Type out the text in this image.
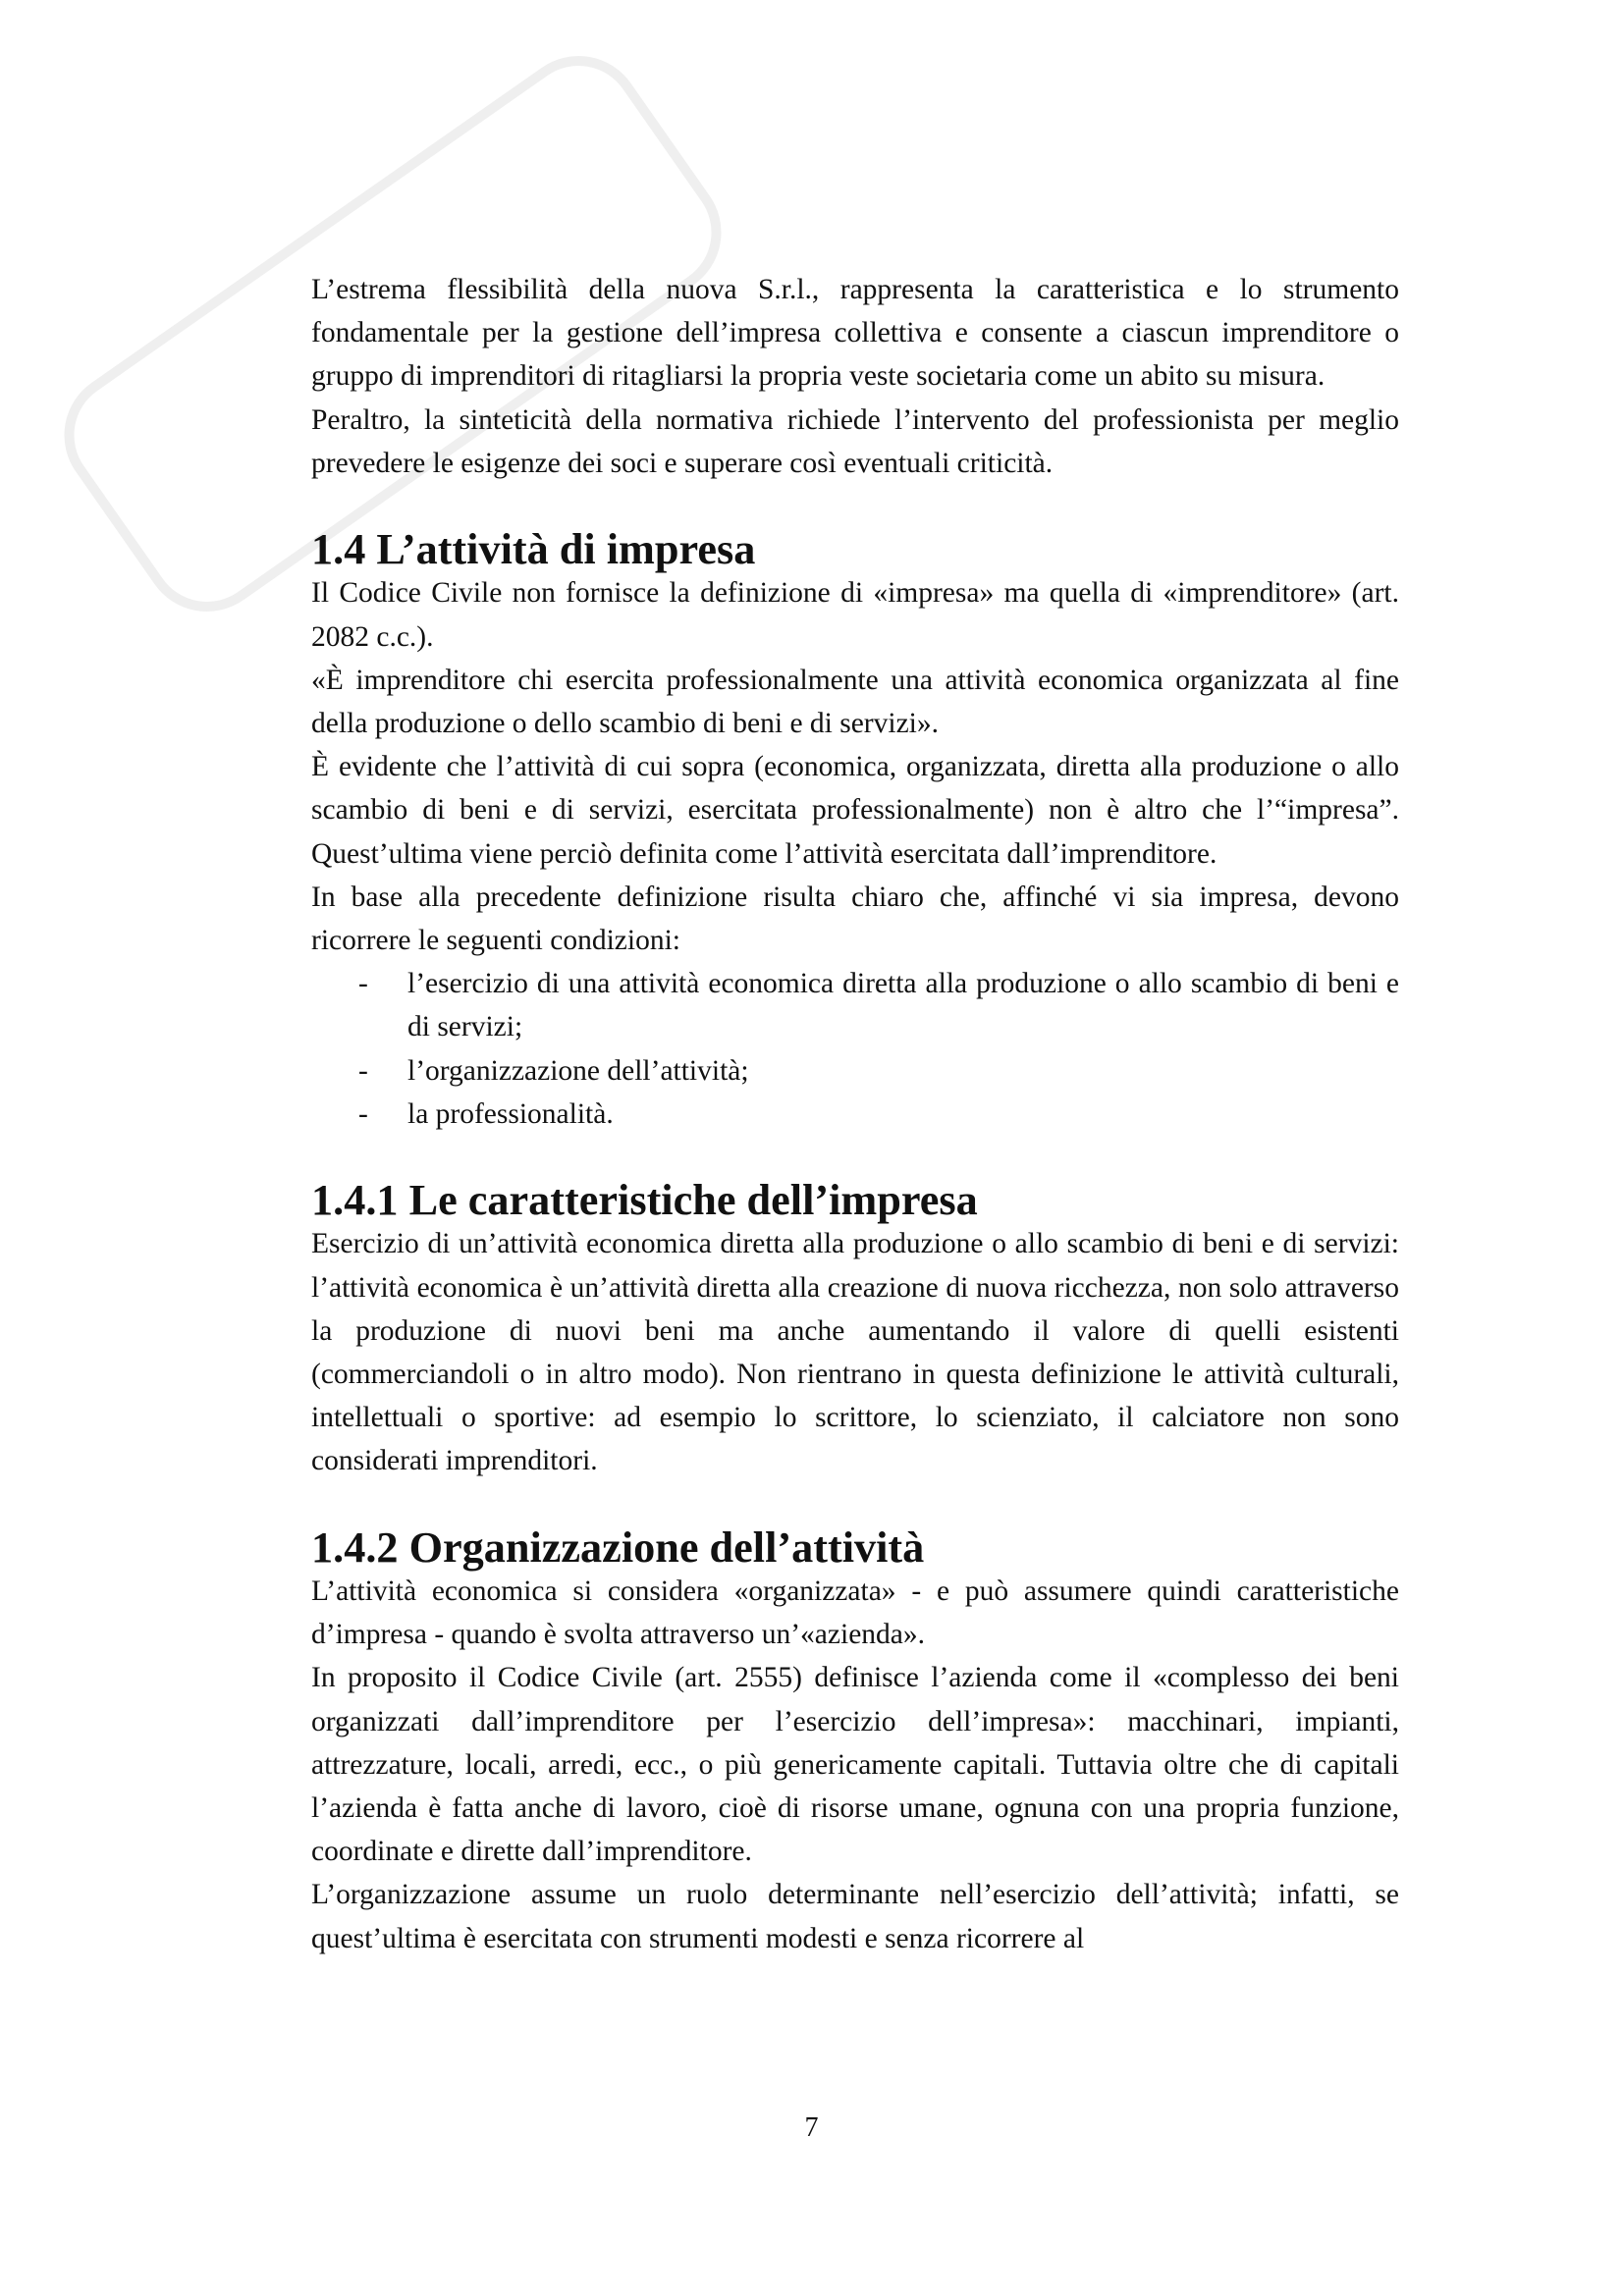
L’estrema flessibilità della nuova S.r.l., rappresenta la caratteristica e lo strumento fondamentale per la gestione dell’impresa collettiva e consente a ciascun imprenditore o gruppo di imprenditori di ritagliarsi la propria veste societaria come un abito su misura.

Peraltro, la sinteticità della normativa richiede l’intervento del professionista per meglio prevedere le esigenze dei soci e superare così eventuali criticità.

1.4 L’attività di impresa

Il Codice Civile non fornisce la definizione di «impresa» ma quella di «imprenditore» (art. 2082 c.c.).

«È imprenditore chi esercita professionalmente una attività economica organizzata al fine della produzione o dello scambio di beni e di servizi».

È evidente che l’attività di cui sopra (economica, organizzata, diretta alla produzione o allo scambio di beni e di servizi, esercitata professionalmente) non è altro che l’“impresa”. Quest’ultima viene perciò definita come l’attività esercitata dall’imprenditore.

In base alla precedente definizione risulta chiaro che, affinché vi sia impresa, devono ricorrere le seguenti condizioni:

- l’esercizio di una attività economica diretta alla produzione o allo scambio di beni e di servizi;
- l’organizzazione dell’attività;
- la professionalità.
1.4.1 Le caratteristiche dell’impresa

Esercizio di un’attività economica diretta alla produzione o allo scambio di beni e di servizi: l’attività economica è un’attività diretta alla creazione di nuova ricchezza, non solo attraverso la produzione di nuovi beni ma anche aumentando il valore di quelli esistenti (commerciandoli o in altro modo). Non rientrano in questa definizione le attività culturali, intellettuali o sportive: ad esempio lo scrittore, lo scienziato, il calciatore non sono considerati imprenditori.

1.4.2 Organizzazione dell’attività

L’attività economica si considera «organizzata» - e può assumere quindi caratteristiche d’impresa - quando è svolta attraverso un’«azienda».

In proposito il Codice Civile (art. 2555) definisce l’azienda come il «complesso dei beni organizzati dall’imprenditore per l’esercizio dell’impresa»: macchinari, impianti, attrezzature, locali, arredi, ecc., o più genericamente capitali. Tuttavia oltre che di capitali l’azienda è fatta anche di lavoro, cioè di risorse umane, ognuna con una propria funzione, coordinate e dirette dall’imprenditore.

L’organizzazione assume un ruolo determinante nell’esercizio dell’attività; infatti, se quest’ultima è esercitata con strumenti modesti e senza ricorrere al

7
